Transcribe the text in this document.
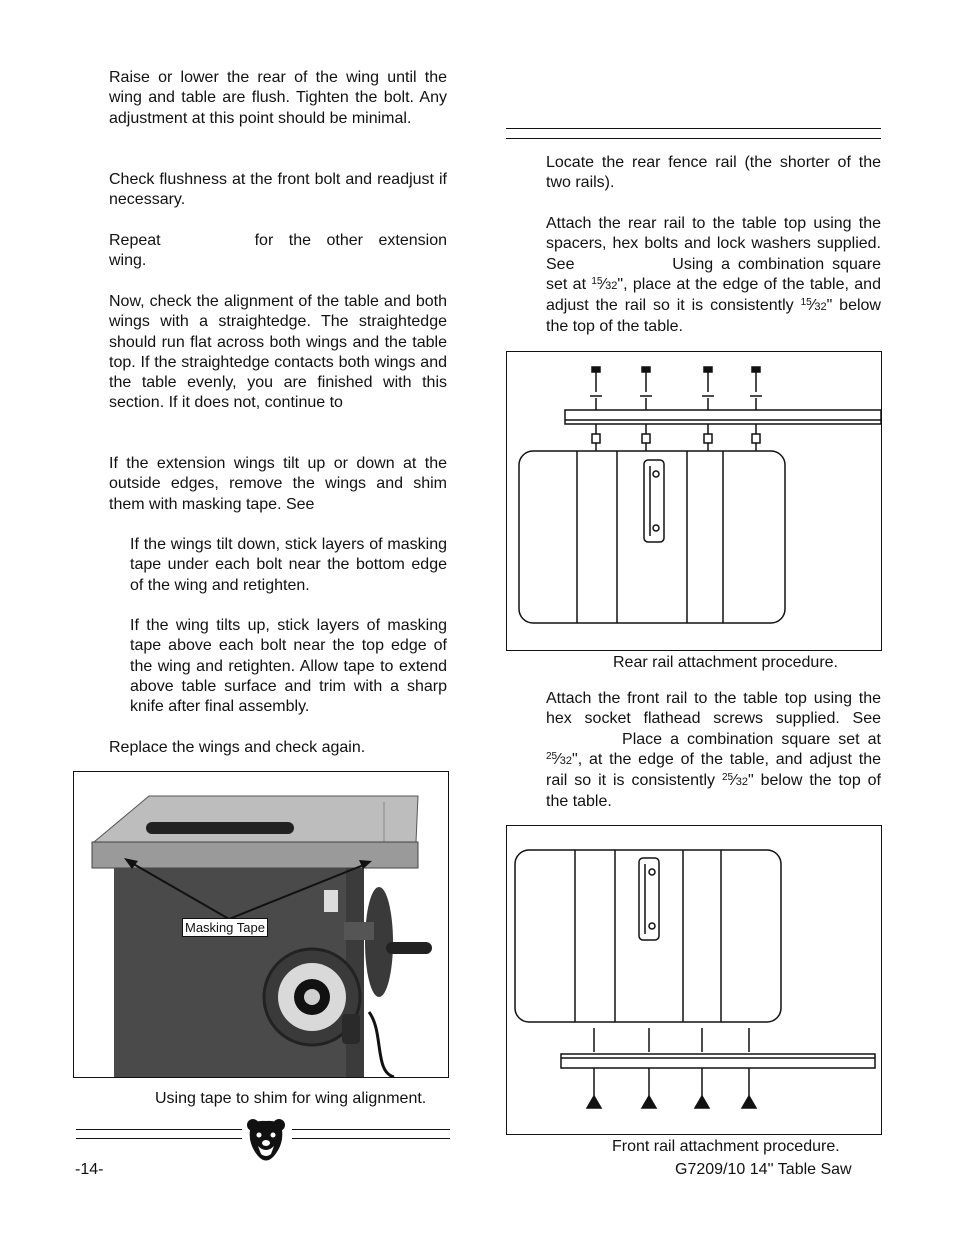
Raise or lower the rear of the wing until the wing and table are flush. Tighten the bolt. Any adjustment at this point should be minimal.
Check flushness at the front bolt and readjust if necessary.
Repeat	for the other extension wing.
Now, check the alignment of the table and both wings with a straightedge. The straightedge should run flat across both wings and the table top. If the straightedge contacts both wings and the table evenly, you are finished with this section. If it does not, continue to
If the extension wings tilt up or down at the outside edges, remove the wings and shim them with masking tape. See
If the wings tilt down, stick layers of masking tape under each bolt near the bottom edge of the wing and retighten.
If the wing tilts up, stick layers of masking tape above each bolt near the top edge of the wing and retighten. Allow tape to extend above table surface and trim with a sharp knife after final assembly.
Replace the wings and check again.
Masking Tape
Using tape to shim for wing alignment.
Locate the rear fence rail (the shorter of the two rails).
Attach the rear rail to the table top using the spacers, hex bolts and lock washers supplied. See	Using a combination square set at $^{15}$⁄32", place at the edge of the table, and adjust the rail so it is consistently $^{15}$⁄32" below the top of the table.
Rear rail attachment procedure.
Attach the front rail to the table top using the hex socket flathead screws supplied. See  Place a combination square set at $^{25}$⁄32", at the edge of the table, and adjust the rail so it is consistently $^{25}$⁄32" below the top of the table.
Front rail attachment procedure.
-14-	G7209/10 14'' Table Saw
